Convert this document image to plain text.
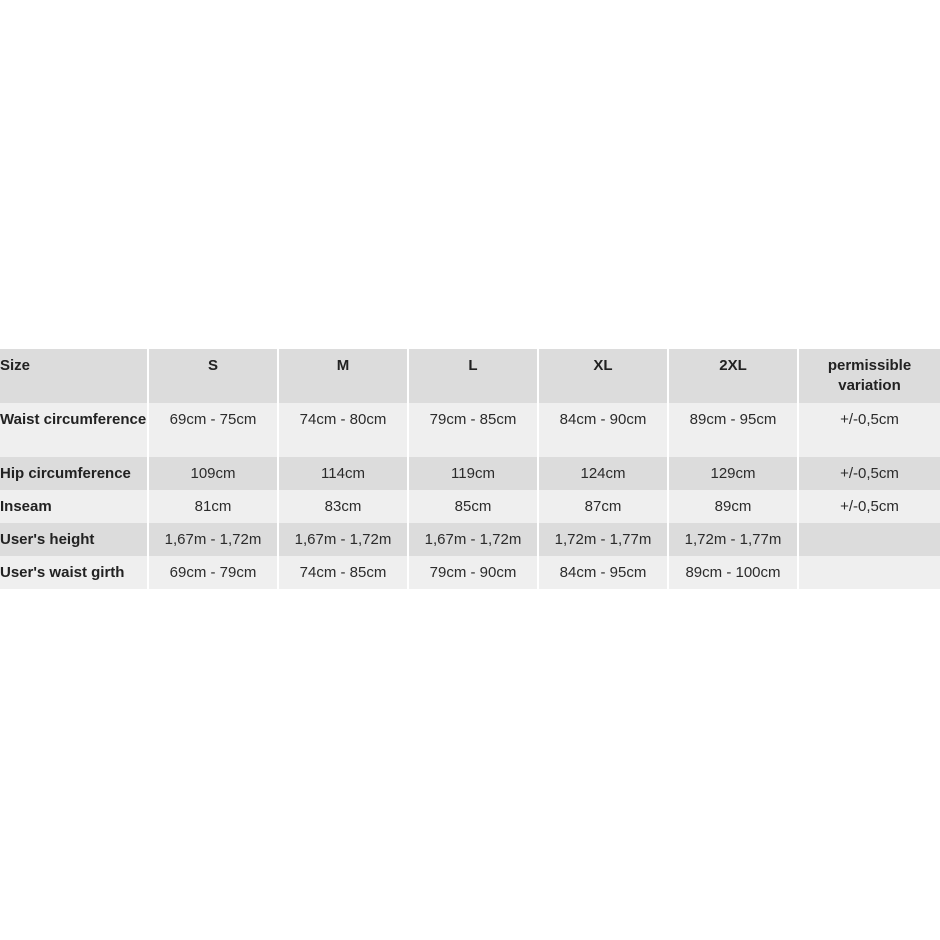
Size	S	M	L	XL	2XL	permissible variation
Waist circumference	69cm - 75cm	74cm - 80cm	79cm - 85cm	84cm - 90cm	89cm - 95cm	+/-0,5cm
Hip circumference	109cm	114cm	119cm	124cm	129cm	+/-0,5cm
Inseam	81cm	83cm	85cm	87cm	89cm	+/-0,5cm
User's height	1,67m - 1,72m	1,67m - 1,72m	1,67m - 1,72m	1,72m - 1,77m	1,72m - 1,77m	
User's waist girth	69cm - 79cm	74cm - 85cm	79cm - 90cm	84cm - 95cm	89cm - 100cm	
